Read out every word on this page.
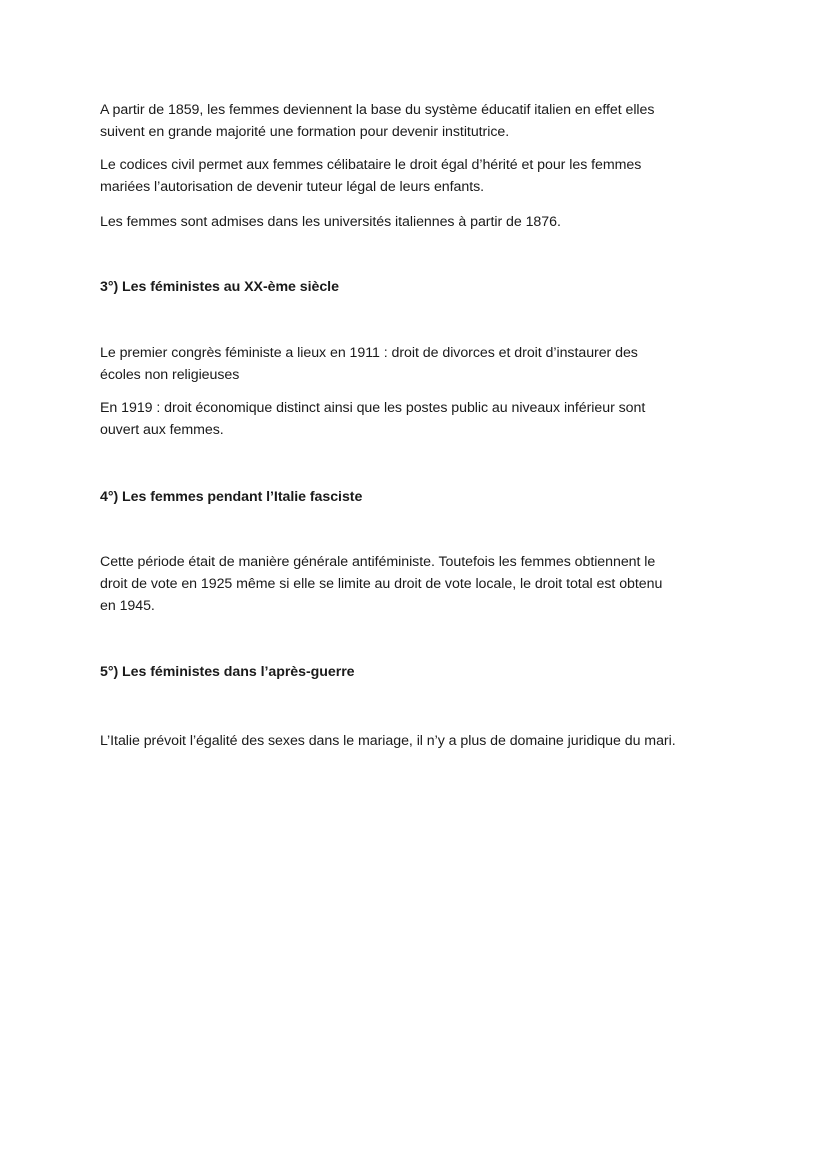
A partir de 1859, les femmes deviennent la base du système éducatif italien en effet elles
suivent en grande majorité une formation pour devenir institutrice.

Le codices civil permet aux femmes célibataire le droit égal d’hérité et pour les femmes
mariées l’autorisation de devenir tuteur légal de leurs enfants.

Les femmes sont admises dans les universités italiennes à partir de 1876.

3°) Les féministes au XX-ème siècle

Le premier congrès féministe a lieux en 1911 : droit de divorces et droit d’instaurer des
écoles non religieuses

En 1919 : droit économique distinct ainsi que les postes public au niveaux inférieur sont
ouvert aux femmes.

4°) Les femmes pendant l’Italie fasciste

Cette période était de manière générale antiféministe. Toutefois les femmes obtiennent le
droit de vote en 1925 même si elle se limite au droit de vote locale, le droit total est obtenu
en 1945.

5°) Les féministes dans l’après-guerre

L’Italie prévoit l’égalité des sexes dans le mariage, il n’y a plus de domaine juridique du mari.
